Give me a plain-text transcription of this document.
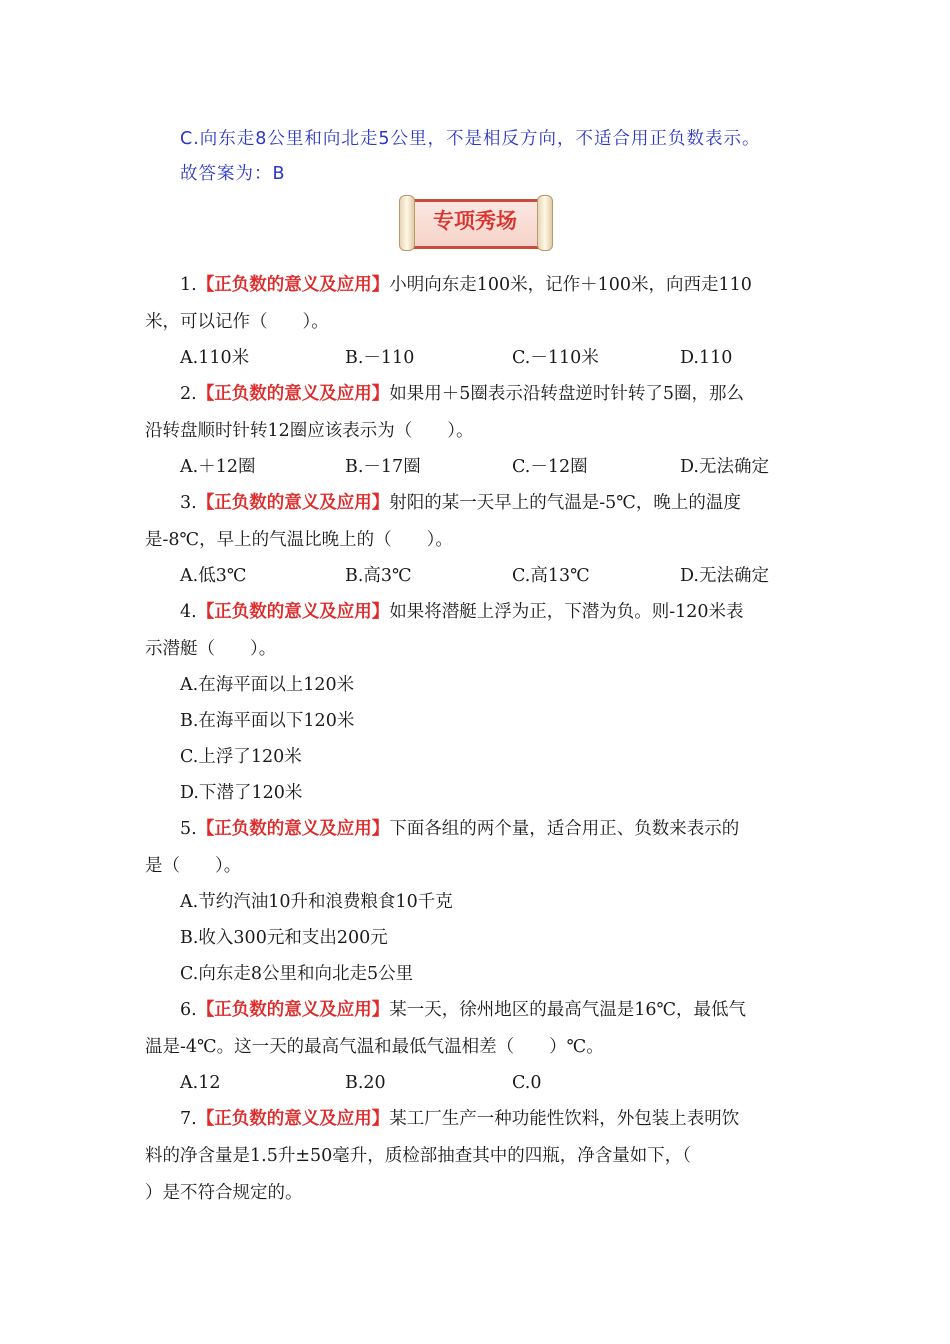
C.向东走8公里和向北走5公里，不是相反方向，不适合用正负数表示。
故答案为：B
专项秀场
1.【正负数的意义及应用】小明向东走100米，记作＋100米，向西走110
米，可以记作（　　）。
A.110米	B.－110	C.－110米	D.110
2.【正负数的意义及应用】如果用＋5圈表示沿转盘逆时针转了5圈，那么
沿转盘顺时针转12圈应该表示为（　　）。
A.＋12圈	B.－17圈	C.－12圈	D.无法确定
3.【正负数的意义及应用】射阳的某一天早上的气温是-5℃，晚上的温度
是-8℃，早上的气温比晚上的（　　）。
A.低3℃	B.高3℃	C.高13℃	D.无法确定
4.【正负数的意义及应用】如果将潜艇上浮为正，下潜为负。则-120米表
示潜艇（　　）。
A.在海平面以上120米
B.在海平面以下120米
C.上浮了120米
D.下潜了120米
5.【正负数的意义及应用】下面各组的两个量，适合用正、负数来表示的
是（　　）。
A.节约汽油10升和浪费粮食10千克
B.收入300元和支出200元
C.向东走8公里和向北走5公里
6.【正负数的意义及应用】某一天，徐州地区的最高气温是16℃，最低气
温是-4℃。这一天的最高气温和最低气温相差（　　）℃。
A.12	B.20	C.0
7.【正负数的意义及应用】某工厂生产一种功能性饮料，外包装上表明饮
料的净含量是1.5升±50毫升，质检部抽查其中的四瓶，净含量如下，（
）是不符合规定的。
